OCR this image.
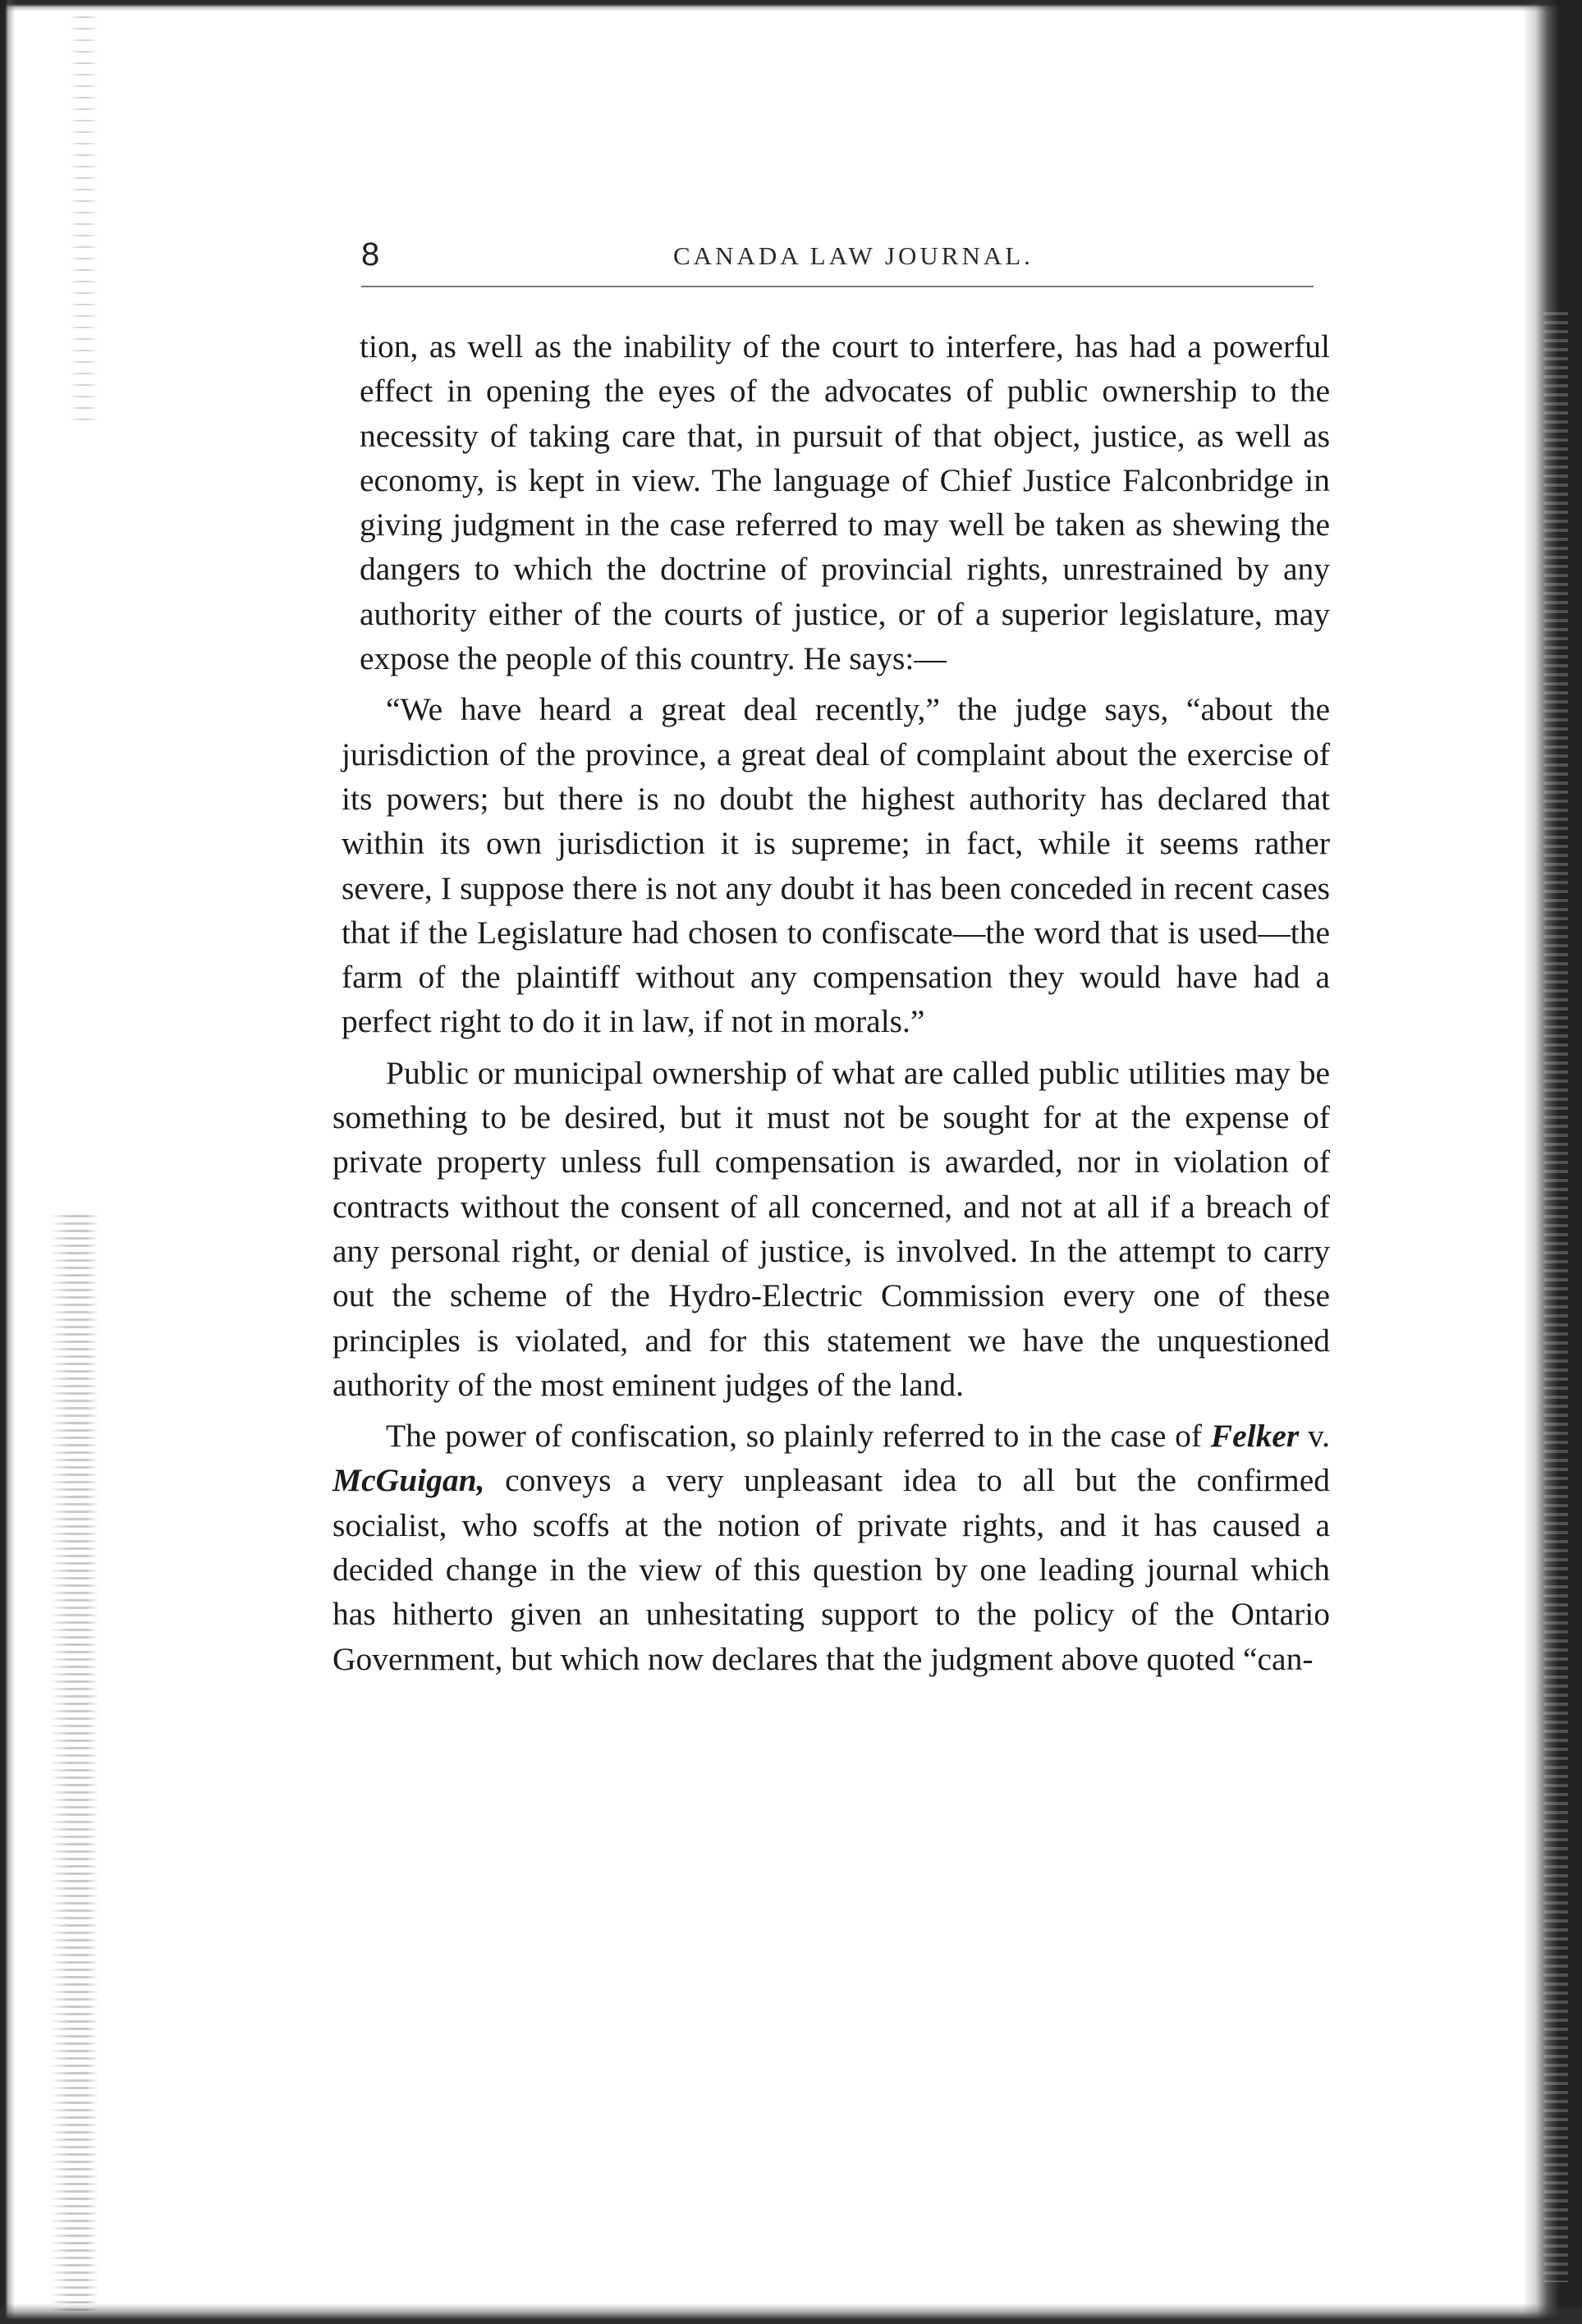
8	CANADA LAW JOURNAL.

tion, as well as the inability of the court to interfere, has had a powerful effect in opening the eyes of the advocates of public ownership to the necessity of taking care that, in pursuit of that object, justice, as well as economy, is kept in view. The language of Chief Justice Falconbridge in giving judgment in the case referred to may well be taken as shewing the dangers to which the doctrine of provincial rights, unrestrained by any authority either of the courts of justice, or of a superior legislature, may expose the people of this country. He says:—

“We have heard a great deal recently,” the judge says, “about the jurisdiction of the province, a great deal of complaint about the exercise of its powers; but there is no doubt the highest authority has declared that within its own jurisdiction it is supreme; in fact, while it seems rather severe, I suppose there is not any doubt it has been conceded in recent cases that if the Legislature had chosen to confiscate—the word that is used—the farm of the plaintiff without any compensation they would have had a perfect right to do it in law, if not in morals.”

Public or municipal ownership of what are called public utilities may be something to be desired, but it must not be sought for at the expense of private property unless full compensation is awarded, nor in violation of contracts without the consent of all concerned, and not at all if a breach of any personal right, or denial of justice, is involved. In the attempt to carry out the scheme of the Hydro-Electric Commission every one of these principles is violated, and for this statement we have the unquestioned authority of the most eminent judges of the land.

The power of confiscation, so plainly referred to in the case of Felker v. McGuigan, conveys a very unpleasant idea to all but the confirmed socialist, who scoffs at the notion of private rights, and it has caused a decided change in the view of this question by one leading journal which has hitherto given an unhesitating support to the policy of the Ontario Government, but which now declares that the judgment above quoted “can-
